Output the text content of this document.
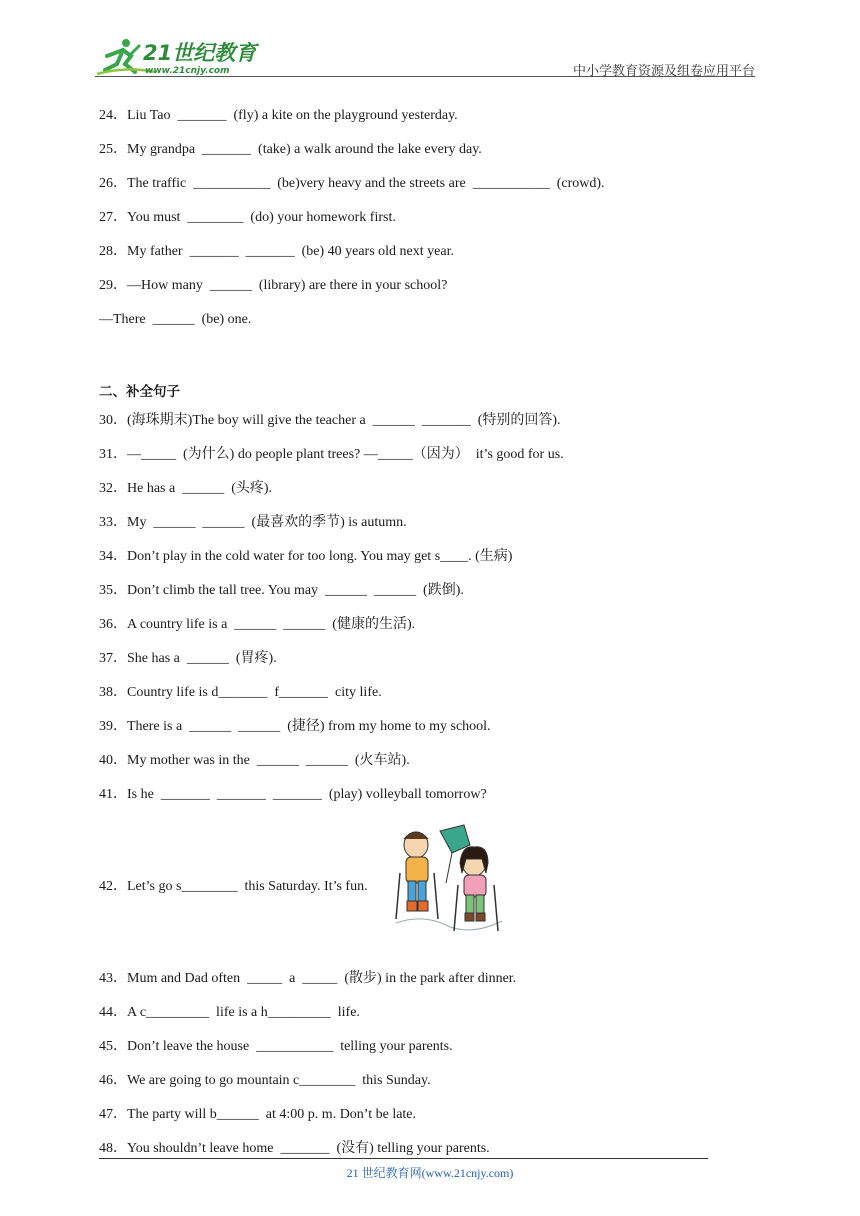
21世纪教育
www.21cnjy.com	中小学教育资源及组卷应用平台
24．Liu Tao  _______  (fly) a kite on the playground yesterday.
25．My grandpa  _______  (take) a walk around the lake every day.
26．The traffic  ___________  (be)very heavy and the streets are  ___________  (crowd).
27．You must  ________  (do) your homework first.
28．My father  _______  _______  (be) 40 years old next year.
29．—How many  ______  (library) are there in your school?
—There  ______  (be) one.
二、补全句子
30．(海珠期末)The boy will give the teacher a  ______  _______  (特别的回答).
31．—_____  (为什么) do people plant trees? —_____（因为）  it’s good for us.
32．He has a  ______  (头疼).
33．My  ______  ______  (最喜欢的季节) is autumn.
34．Don’t play in the cold water for too long. You may get s____. (生病)
35．Don’t climb the tall tree. You may  ______  ______  (跌倒).
36．A country life is a  ______  ______  (健康的生活).
37．She has a  ______  (胃疼).
38．Country life is d_______  f_______  city life.
39．There is a  ______  ______  (捷径) from my home to my school.
40．My mother was in the  ______  ______  (火车站).
41．Is he  _______  _______  _______  (play) volleyball tomorrow?
42．Let’s go s________  this Saturday. It’s fun.
43．Mum and Dad often  _____  a  _____  (散步) in the park after dinner.
44．A c_________  life is a h_________  life.
45．Don’t leave the house  ___________  telling your parents.
46．We are going to go mountain c________  this Sunday.
47．The party will b______  at 4:00 p. m. Don’t be late.
48．You shouldn’t leave home  _______  (没有) telling your parents.
21 世纪教育网(www.21cnjy.com)
